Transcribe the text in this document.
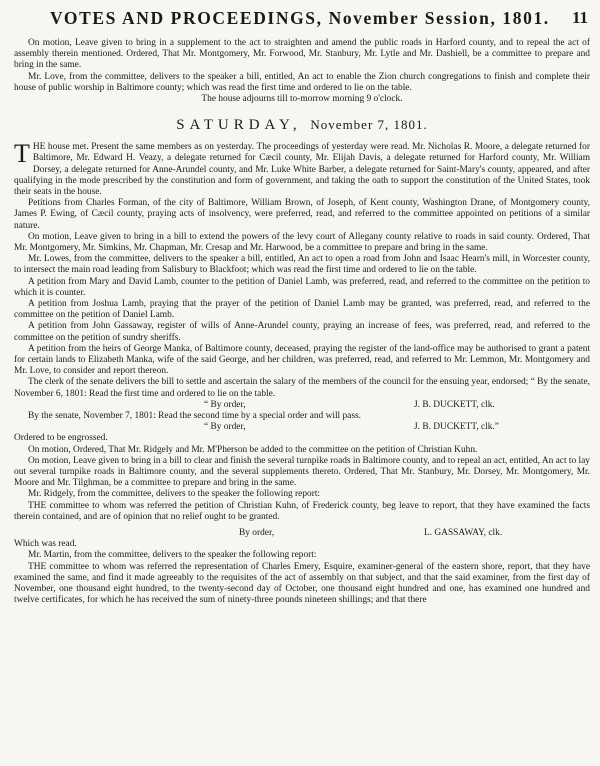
VOTES AND PROCEEDINGS, November Session, 1801. 11

On motion, Leave given to bring in a supplement to the act to straighten and amend the public roads in Harford county, and to repeal the act of assembly therein mentioned. Ordered, That Mr. Montgomery, Mr. Forwood, Mr. Stanbury, Mr. Lytle and Mr. Dashiell, be a committee to prepare and bring in the same.

Mr. Love, from the committee, delivers to the speaker a bill, entitled, An act to enable the Zion church congregations to finish and complete their house of public worship in Baltimore county; which was read the first time and ordered to lie on the table.

The house adjourns till to-morrow morning 9 o'clock.

SATURDAY, November 7, 1801.

THE house met. Present the same members as on yesterday. The proceedings of yesterday were read. Mr. Nicholas R. Moore, a delegate returned for Baltimore, Mr. Edward H. Veazy, a delegate returned for Cæcil county, Mr. Elijah Davis, a delegate returned for Harford county, Mr. William Dorsey, a delegate returned for Anne-Arundel county, and Mr. Luke White Barber, a delegate returned for Saint-Mary's county, appeared, and after qualifying in the mode prescribed by the constitution and form of government, and taking the oath to support the constitution of the United States, took their seats in the house.

Petitions from Charles Forman, of the city of Baltimore, William Brown, of Joseph, of Kent county, Washington Drane, of Montgomery county, James P. Ewing, of Cæcil county, praying acts of insolvency, were preferred, read, and referred to the committee appointed on petitions of a similar nature.

On motion, Leave given to bring in a bill to extend the powers of the levy court of Allegany county relative to roads in said county. Ordered, That Mr. Montgomery, Mr. Simkins, Mr. Chapman, Mr. Cresap and Mr. Harwood, be a committee to prepare and bring in the same.

Mr. Lowes, from the committee, delivers to the speaker a bill, entitled, An act to open a road from John and Isaac Hearn's mill, in Worcester county, to intersect the main road leading from Salisbury to Blackfoot; which was read the first time and ordered to lie on the table.

A petition from Mary and David Lamb, counter to the petition of Daniel Lamb, was preferred, read, and referred to the committee on the petition to which it is counter.

A petition from Joshua Lamb, praying that the prayer of the petition of Daniel Lamb may be granted, was preferred, read, and referred to the committee on the petition of Daniel Lamb.

A petition from John Gassaway, register of wills of Anne-Arundel county, praying an increase of fees, was preferred, read, and referred to the committee on the petition of sundry sheriffs.

A petition from the heirs of George Manka, of Baltimore county, deceased, praying the register of the land-office may be authorised to grant a patent for certain lands to Elizabeth Manka, wife of the said George, and her children, was preferred, read, and referred to Mr. Lemmon, Mr. Montgomery and Mr. Love, to consider and report thereon.

The clerk of the senate delivers the bill to settle and ascertain the salary of the members of the council for the ensuing year, endorsed; “ By the senate, November 6, 1801: Read the first time and ordered to lie on the table.

“ By order,	J. B. DUCKETT, clk.

By the senate, November 7, 1801: Read the second time by a special order and will pass.

“ By order,	J. B. DUCKETT, clk.”

Ordered to be engrossed.

On motion, Ordered, That Mr. Ridgely and Mr. M'Pherson be added to the committee on the petition of Christian Kuhn.

On motion, Leave given to bring in a bill to clear and finish the several turnpike roads in Baltimore county, and to repeal an act, entitled, An act to lay out several turnpike roads in Baltimore county, and the several supplements thereto. Ordered, That Mr. Stanbury, Mr. Dorsey, Mr. Montgomery, Mr. Moore and Mr. Tilghman, be a committee to prepare and bring in the same.

Mr. Ridgely, from the committee, delivers to the speaker the following report:

THE committee to whom was referred the petition of Christian Kuhn, of Frederick county, beg leave to report, that they have examined the facts therein contained, and are of opinion that no relief ought to be granted.

By order,	L. GASSAWAY, clk.

Which was read.

Mr. Martin, from the committee, delivers to the speaker the following report:

THE committee to whom was referred the representation of Charles Emery, Esquire, examiner-general of the eastern shore, report, that they have examined the same, and find it made agreeably to the requisites of the act of assembly on that subject, and that the said examiner, from the first day of November, one thousand eight hundred, to the twenty-second day of October, one thousand eight hundred and one, has examined one hundred and twelve certificates, for which he has received the sum of ninety-three pounds nineteen shillings; and that there
